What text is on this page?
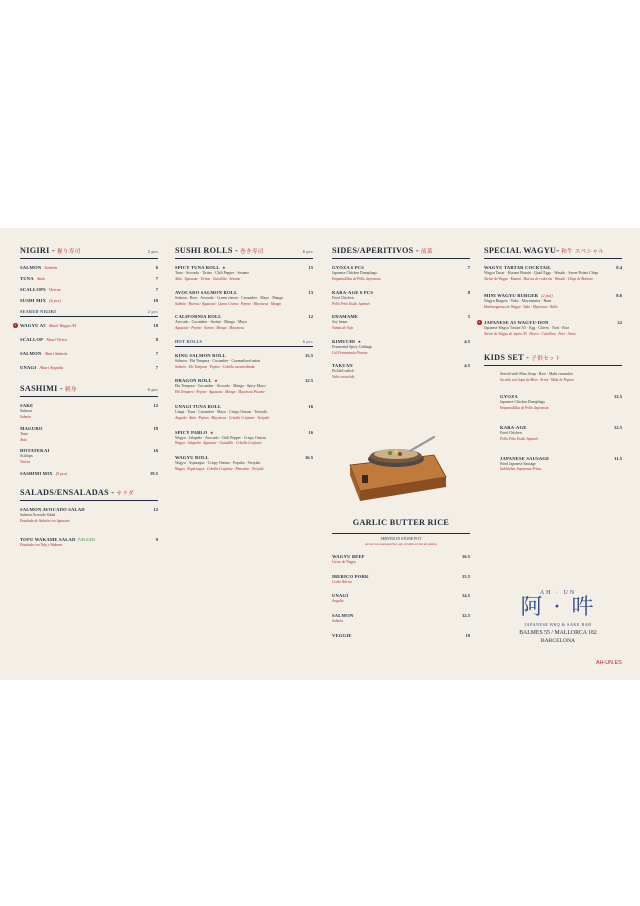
NIGIRI - 握り寿司	2 pcs
SALMON Salmón	6
TUNA Atún	7
SCALLOPS Vieiras	7
SUSHI MIX (6 pcs)	10
SEARED NIGIRI	2 pcs
1 WAGYU A5 Aburi Wagyu A5	18
SCALLOP Aburi Vieira	8
SALMON Aburi Salmón	7
UNAGI Aburi Anguila	7
SASHIMI - 刺身	6 pcs
SAKE	12
Salmon
Salmón
MAGURO	18
Tuna
Atún
HOTATEKAI	16
Scallops
Vieiras
SASHIMI MIX (9 pcs)	19.5
SALADS/ENSALADAS - サラダ
SALMON AVOCADO SALAD	12
Salmon Avocado Salad
Ensalada de Salmón con Aguacate
TOFU WAKAME SALAD (VEGGIE)	9
Ensalada con Tofu y Wakame
SUSHI ROLLS - 巻き寿司	6 pcs
SPICY TUNA ROLL ♠	15
Tuna · Avocado · Tiritas · Chili Pepper · Sesame
Atún · Aguacate · Tiritas · Guindilla · Sésamo
AVOCADO SALMON ROLL	13
Salmon · Roes · Avocado · Cream cheese · Cucumber · Mayo · Mango
Salmón · Huevas · Aguacate · Queso Crema · Pepino · Mayonesa · Mango
CALIFORNIA ROLL	12
Avocado · Cucumber · Surimi · Mango · Mayo
Aguacate · Pepino · Surimi · Mango · Mayonesa
HOT ROLLS	6 pcs
KING SALMON ROLL	15.5
Salmon · Ebi Tempura · Cucumber · Caramelized onion
Salmón · Ebi Tempura · Pepino · Cebolla caramelizada
DRAGON ROLL ♠	12.5
Ebi Tempura · Cucumber · Avocado · Mango · Spicy Mayo
Ebi Tempura · Pepino · Aguacate · Mango · Mayonesa Picante
UNAGI TUNA ROLL	16
Unagi · Tuna · Cucumber · Mayo · Crispy Onions · Teriyaki
Anguila · Atún · Pepino · Mayonesa · Cebolla Crujiente · Teriyaki
SPICY PABLO ♠	16
Wagyu · Jalapeño · Avocado · Chili Pepper · Crispy Onions
Wagyu · Jalapeño · Aguacate · Guindilla · Cebolla Crujiente
WAGYU ROLL	16.5
Wagyu · Asparagus · Crispy Onions · Paprika · Teriyaki
Wagyu · Espárragos · Cebolla Crujiente · Pimentón · Teriyaki
SIDES/APERITIVOS - 前菜
GYOZA 6 PCS	7
Japanese Chicken Dumplings
Empanadillas de Pollo Japonesas
KARA-AGE 6 PCS	8
Fried Chicken
Pollo Frito Estilo Japonés
EDAMAME	5
Soy beans
Vainas de Soja
KIMUCHI ♠	4.5
Fermented Spicy Cabbage
Col Fermentada Picante
TAKUAN	4.5
Pickled radish
Nabo encurtido
GARLIC BUTTER RICE
SERVED IN STONE POT
Arroz con mantequilla y ajo servido en bol de piedra
WAGYU BEEF	16.5
Carne de Wagyu
IBERICO PORK	15.5
Cerdo Ibérico
UNAGI	14.5
Anguila
SALMON	12.5
Salmón
VEGGIE	10
SPECIAL WAGYU- 和牛 スペシャル
WAGYU TARTAR COCKTAIL	8.4
Wagyu Tartar · Kizami Wasabi · Quail Eggs · Wasabi · Sweet Potato Chips
Tartar de Wagyu · Kizami · Huevos de codorniz · Wasabi · Chips de Boniato
MINI WAGYU BURGER (2 pcs)	8.6
Wagyu Burgers · Yuko · Mayonnaise · Buns
Hamburguesas de Wagyu · Yuko · Mayonesa · Bollo
1 JAPANESE A5 WAGYU-DON	22
Japanese Wagyu Tartare A5 · Egg · Chives · Nori · Rice
Tartar de Wagyu de Japón A5 · Huevo · Cebollino · Nori · Arroz
KIDS SET - 子供セット
Served with Miso Soup · Rice · Maki cucumber
Servido con Sopa de Miso · Arroz · Maki de Pepino
GYOZA	12.5
Japanese Chicken Dumplings
Empanadillas de Pollo Japonesas
KARA-AGE	12.5
Fried Chicken
Pollo Frito Estilo Japonés
JAPANESE SAUSAGE	11.5
Fried Japanese Sausage
Salchichas Japonesas Fritas
AH · UN
阿 · 吽
JAPANESE BBQ & SAKE BAR
BALMES 55 / MALLORCA 182
BARCELONA
AH-UN.ES
